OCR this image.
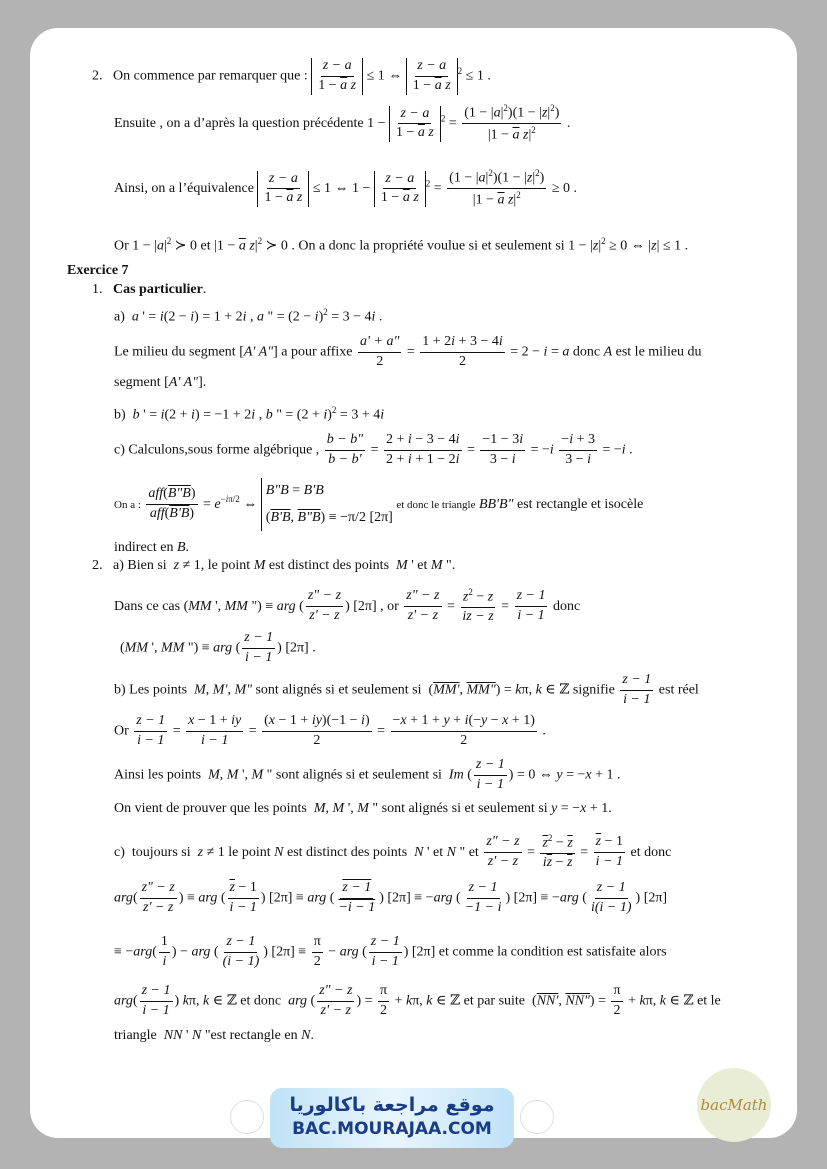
2.   On commence par remarquer que : $\frac{z - a}{1 - \overline{a} z} \le 1$ ⇔ $\frac{z - a}{1 - \overline{a} z} ^2 \le 1$ .
Ensuite , on a d’après la question précédente $1 - \frac{z - a}{1 - \overline{a} z} ^2 = \frac{(1 - |a|^2)(1 - |z|^2)}{|1 - \overline{a} z|^2}$ .
Ainsi, on a l’équivalence $\frac{z - a}{1 - \overline{a} z} \le 1$ ⇔ $1 - \frac{z - a}{1 - \overline{a} z} ^2 = \frac{(1 - |a|^2)(1 - |z|^2)}{|1 - \overline{a} z|^2} \ge 0$ .
Or $1 - |a|^2$ ≻ 0 et $|1 - \overline{a}$ $z|^2$ ≻ 0 . On a donc la propriété voulue si et seulement si $1 - |z|^2 \ge 0$ ⇔ |z| ≤ 1 .
Exercice 7
1.   Cas particulier.
a)  a ' = i(2 − i) = 1 + 2i , a " = $(2 - i)^2 = 3 - 4i$ .
Le milieu du segment [A' A"] a pour affixe $\frac{a' + a"}{2} = \frac{1 + 2i + 3 - 4i}{2} = 2 - i = a$ donc A est le milieu du
segment [A' A"].
b)  b ' = i(2 + i) = −1 + 2i , b " = $(2 + i)^2 = 3 + 4i$
c) Calculons,sous forme algébrique , $\frac{b - b"}{b - b'} = \frac{2 + i - 3 - 4i}{2 + i + 1 - 2i} = \frac{-1 - 3i}{3 - i} = -i \frac{-i + 3}{3 - i} = -i$ .
On a :
aff(B"B)
aff(B'B)
= $e^{-i\pi/2}$ ⇔ B"B = B'B
(B'B, B"B) ≡ −π/2 [2π] et donc le triangle BB'B" est rectangle et isocèle
indirect en B.
2.   a) Bien si  z ≠ 1, le point M est distinct des points  M ' et M ".
Dans ce cas (MM ', MM ") ≡ arg ( $\frac{z" - z}{z' - z}$ ) [2π] , or $\frac{z" - z}{z' - z} = \frac{z^2 - z}{iz - z} = \frac{z - 1}{i - 1}$ donc
(MM ', MM ") ≡ arg ( $\frac{z - 1}{i - 1}$ ) [2π] .
b) Les points  M, M', M" sont alignés si et seulement si  (MM', MM") = kπ, k ∈ ℤ signifie $\frac{z - 1}{i - 1}$ est réel
Or $\frac{z - 1}{i - 1} = \frac{x - 1 + iy}{i - 1} = \frac{(x - 1 + iy)(-1 - i)}{2} = \frac{-x + 1 + y + i(-y - x + 1)}{2}$ .
Ainsi les points  M, M ', M " sont alignés si et seulement si  Im ( $\frac{z - 1}{i - 1}$ ) = 0 ⇔ y = −x + 1 .
On vient de prouver que les points  M, M ', M " sont alignés si et seulement si y = −x + 1.
c)  toujours si  z ≠ 1 le point N est distinct des points  N ' et N " et $\frac{z" - z}{z' - z} = \frac{\overline{z}^2 - \overline{z}}{i\overline{z} - \overline{z}} = \frac{\overline{z} - 1}{i - 1}$ et donc
$arg( \frac{z" - z}{z' - z}$ ) ≡ arg ( $\frac{\overline{z} - 1}{i - 1}$ ) [2π] ≡ arg ( $\frac{z - 1}{-i - 1}$ ) [2π] ≡ −arg ( $\frac{z - 1}{-1 - i}$ ) [2π] ≡ −arg ( $\frac{z - 1}{i(i - 1)}$ ) [2π]
≡ $-arg( \frac{1}{i}$ ) − arg ( $\frac{z - 1}{(i - 1)}$ ) $[2\pi] \equiv \frac{\pi}{2}$ − arg ( $\frac{z - 1}{i - 1}$ ) [2π] et comme la condition est satisfaite alors
$arg( \frac{z - 1}{i - 1}$ ) kπ, k ∈ ℤ et donc  arg ( $\frac{z" - z}{z' - z}$ ) = $\frac{\pi}{2} + k\pi$, k ∈ ℤ et par suite  (NN', NN") = $\frac{\pi}{2} + k\pi$, k ∈ ℤ et le
triangle  NN ' N "est rectangle en N.
موقع مراجعة باكالوريا
BAC.MOURAJAA.COM
bacMath
